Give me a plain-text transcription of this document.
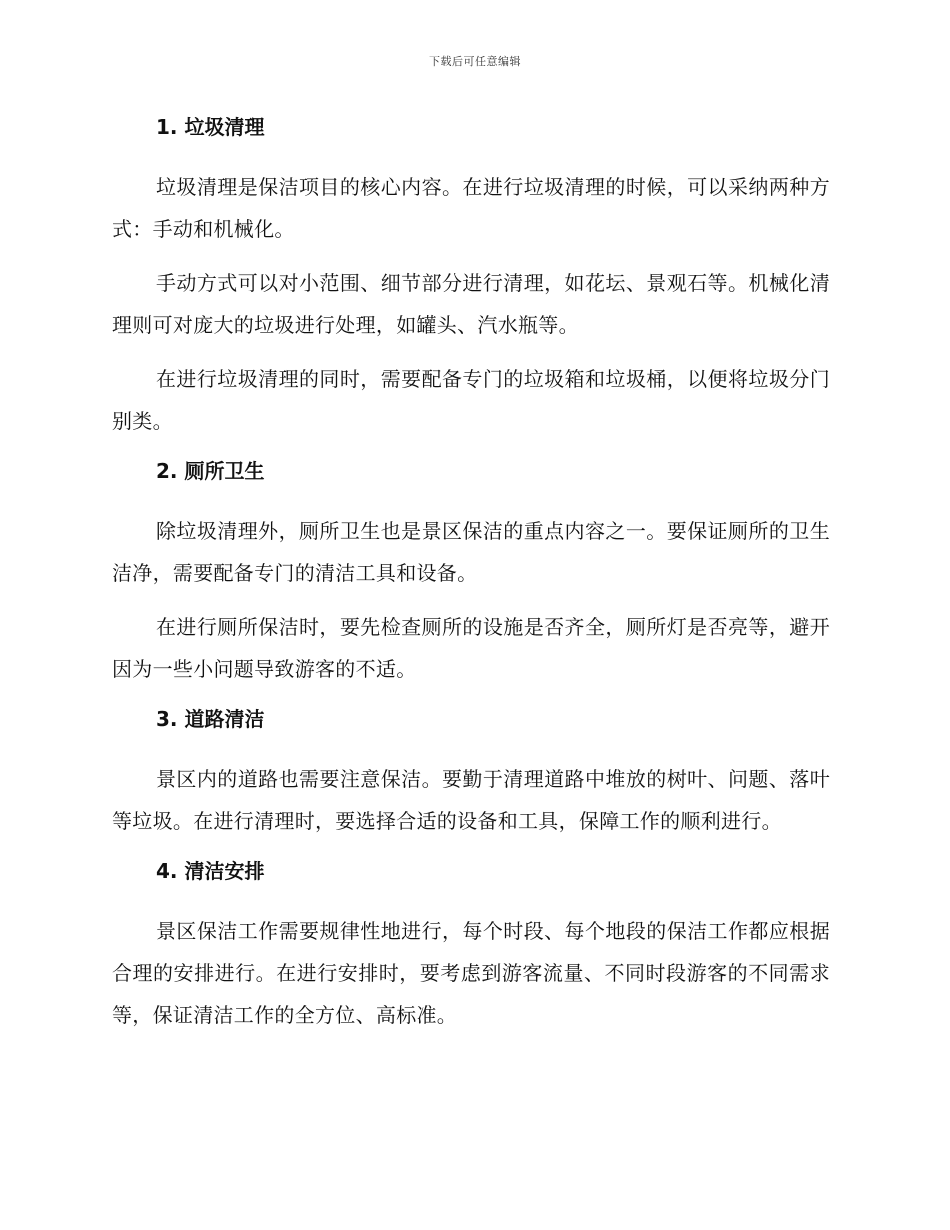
下载后可任意编辑
1. 垃圾清理

垃圾清理是保洁项目的核心内容。在进行垃圾清理的时候，可以采纳两种方式：手动和机械化。

手动方式可以对小范围、细节部分进行清理，如花坛、景观石等。机械化清理则可对庞大的垃圾进行处理，如罐头、汽水瓶等。

在进行垃圾清理的同时，需要配备专门的垃圾箱和垃圾桶，以便将垃圾分门别类。

2. 厕所卫生

除垃圾清理外，厕所卫生也是景区保洁的重点内容之一。要保证厕所的卫生洁净，需要配备专门的清洁工具和设备。

在进行厕所保洁时，要先检查厕所的设施是否齐全，厕所灯是否亮等，避开因为一些小问题导致游客的不适。

3. 道路清洁

景区内的道路也需要注意保洁。要勤于清理道路中堆放的树叶、问题、落叶等垃圾。在进行清理时，要选择合适的设备和工具，保障工作的顺利进行。

4. 清洁安排

景区保洁工作需要规律性地进行，每个时段、每个地段的保洁工作都应根据合理的安排进行。在进行安排时，要考虑到游客流量、不同时段游客的不同需求等，保证清洁工作的全方位、高标准。
